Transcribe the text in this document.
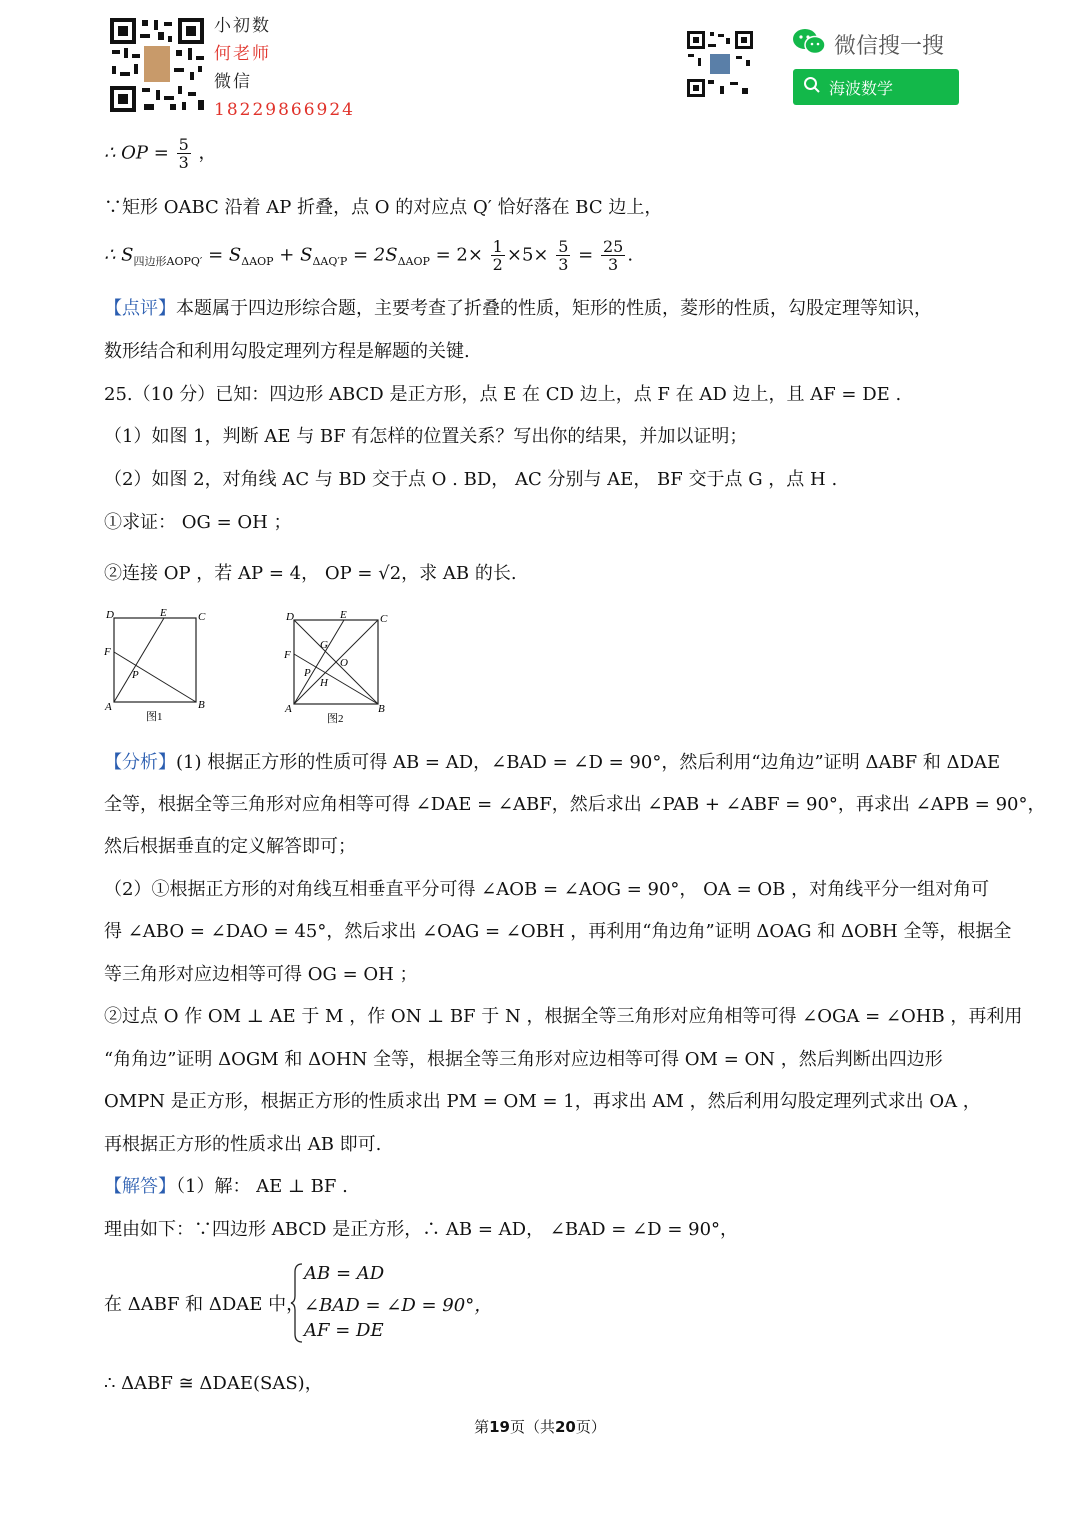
小初数
何老师
微信
18229866924
微信搜一搜
海波数学
∴ OP = $\frac{5}{3}$ ，
∵矩形 OABC 沿着 AP 折叠，点 O 的对应点 Q′ 恰好落在 BC 边上，
∴ $S_{四边形AOPQ'} = S_{\Delta AOP} + S_{\Delta AQ'P} = 2S_{\Delta AOP} = 2\times \frac{1}{2} \times 5\times \frac{5}{3} = \frac{25}{3}$ .
【点评】本题属于四边形综合题，主要考查了折叠的性质，矩形的性质，菱形的性质，勾股定理等知识，
数形结合和利用勾股定理列方程是解题的关键.
25.（10 分）已知：四边形 ABCD 是正方形，点 E 在 CD 边上，点 F 在 AD 边上，且 AF = DE .
（1）如图 1，判断 AE 与 BF 有怎样的位置关系？写出你的结果，并加以证明；
（2）如图 2，对角线 AC 与 BD 交于点 O . BD， AC 分别与 AE， BF 交于点 G ，点 H .
①求证： OG = OH ；
②连接 OP ，若 AP = 4， OP = √2，求 AB 的长.
D	E	C
F
P
A	B
图1
D	E	C
G
F
O
P
H
A	B
图2
【分析】(1) 根据正方形的性质可得 AB = AD，∠BAD = ∠D = 90°，然后利用“边角边”证明 ΔABF 和 ΔDAE
全等，根据全等三角形对应角相等可得 ∠DAE = ∠ABF，然后求出 ∠PAB + ∠ABF = 90°，再求出 ∠APB = 90°，
然后根据垂直的定义解答即可；
（2）①根据正方形的对角线互相垂直平分可得 ∠AOB = ∠AOG = 90°， OA = OB ，对角线平分一组对角可
得 ∠ABO = ∠DAO = 45°，然后求出 ∠OAG = ∠OBH ，再利用“角边角”证明 ΔOAG 和 ΔOBH 全等，根据全
等三角形对应边相等可得 OG = OH ；
②过点 O 作 OM ⊥ AE 于 M ，作 ON ⊥ BF 于 N ，根据全等三角形对应角相等可得 ∠OGA = ∠OHB ，再利用
“角角边”证明 ΔOGM 和 ΔOHN 全等，根据全等三角形对应边相等可得 OM = ON ，然后判断出四边形
OMPN 是正方形，根据正方形的性质求出 PM = OM = 1，再求出 AM ，然后利用勾股定理列式求出 OA ，
再根据正方形的性质求出 AB 即可.
【解答】（1）解： AE ⊥ BF .
理由如下：∵四边形 ABCD 是正方形，∴ AB = AD， ∠BAD = ∠D = 90°，
在 ΔABF 和 ΔDAE 中，
AB = AD
∠BAD = ∠D = 90°，
AF = DE
∴ ΔABF ≅ ΔDAE(SAS)，
第19页（共20页）
